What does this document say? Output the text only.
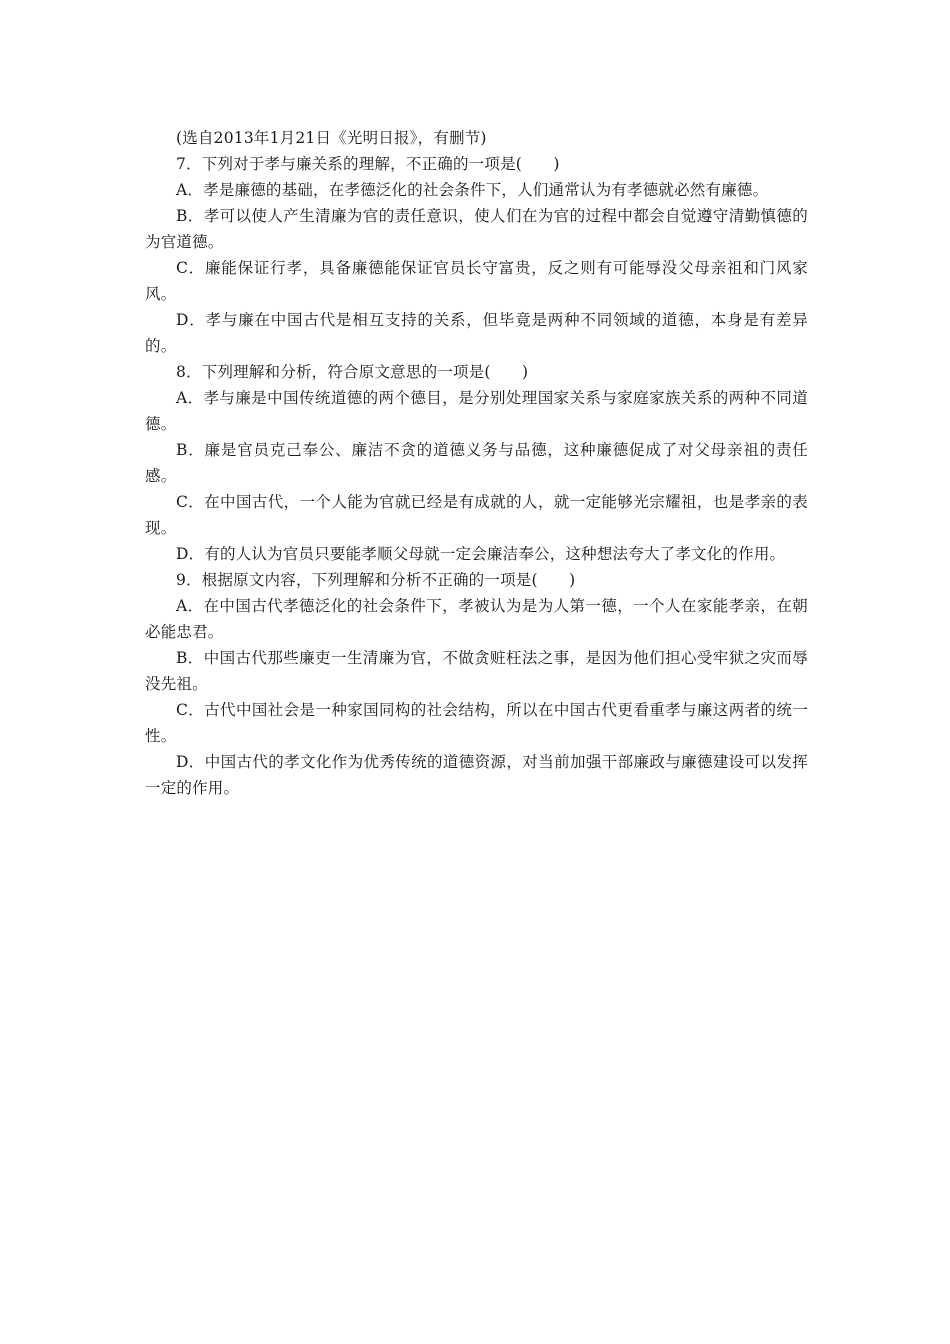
(选自2013年1月21日《光明日报》，有删节)

7．下列对于孝与廉关系的理解，不正确的一项是(　　)

A．孝是廉德的基础，在孝德泛化的社会条件下，人们通常认为有孝德就必然有廉德。

B．孝可以使人产生清廉为官的责任意识，使人们在为官的过程中都会自觉遵守清勤慎德的为官道德。

C．廉能保证行孝，具备廉德能保证官员长守富贵，反之则有可能辱没父母亲祖和门风家风。

D．孝与廉在中国古代是相互支持的关系，但毕竟是两种不同领域的道德，本身是有差异的。

8．下列理解和分析，符合原文意思的一项是(　　)

A．孝与廉是中国传统道德的两个德目，是分别处理国家关系与家庭家族关系的两种不同道德。

B．廉是官员克己奉公、廉洁不贪的道德义务与品德，这种廉德促成了对父母亲祖的责任感。

C．在中国古代，一个人能为官就已经是有成就的人，就一定能够光宗耀祖，也是孝亲的表现。

D．有的人认为官员只要能孝顺父母就一定会廉洁奉公，这种想法夸大了孝文化的作用。

9．根据原文内容，下列理解和分析不正确的一项是(　　)

A．在中国古代孝德泛化的社会条件下，孝被认为是为人第一德，一个人在家能孝亲，在朝必能忠君。

B．中国古代那些廉吏一生清廉为官，不做贪赃枉法之事，是因为他们担心受牢狱之灾而辱没先祖。

C．古代中国社会是一种家国同构的社会结构，所以在中国古代更看重孝与廉这两者的统一性。

D．中国古代的孝文化作为优秀传统的道德资源，对当前加强干部廉政与廉德建设可以发挥一定的作用。
